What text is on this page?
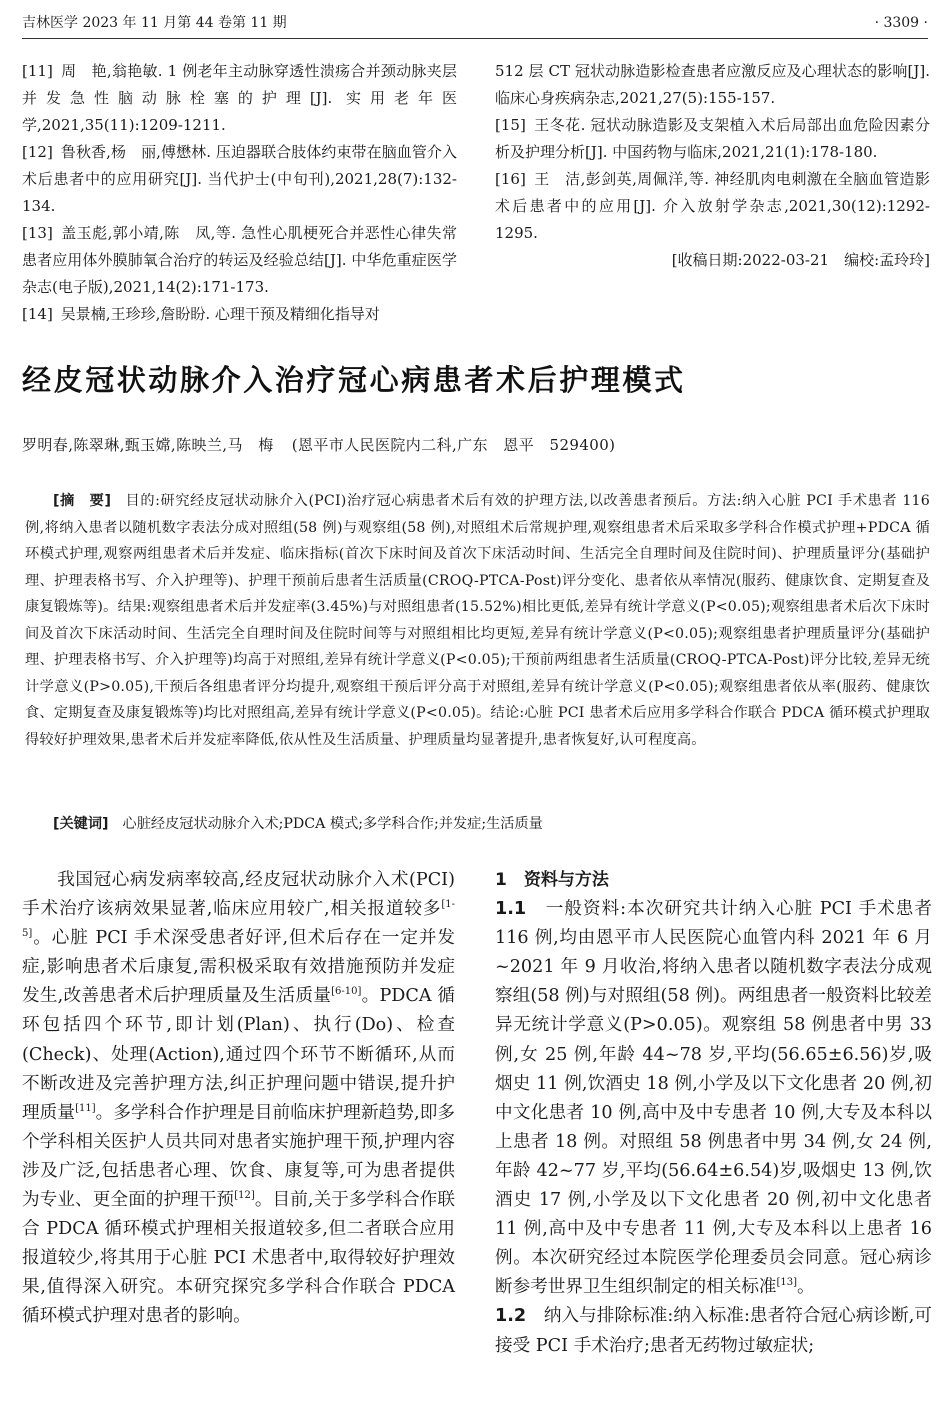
吉林医学 2023 年 11 月第 44 卷第 11 期	· 3309 ·
[11] 周　艳,翁艳敏. 1 例老年主动脉穿透性溃疡合并颈动脉夹层并发急性脑动脉栓塞的护理[J]. 实用老年医学,2021,35(11):1209-1211.
[12] 鲁秋香,杨　丽,傅懋林. 压迫器联合肢体约束带在脑血管介入术后患者中的应用研究[J]. 当代护士(中旬刊),2021,28(7):132-134.
[13] 盖玉彪,郭小靖,陈　凤,等. 急性心肌梗死合并恶性心律失常患者应用体外膜肺氧合治疗的转运及经验总结[J]. 中华危重症医学杂志(电子版),2021,14(2):171-173.
[14] 吴景楠,王珍珍,詹盼盼. 心理干预及精细化指导对
512 层 CT 冠状动脉造影检查患者应激反应及心理状态的影响[J]. 临床心身疾病杂志,2021,27(5):155-157.
[15] 王冬花. 冠状动脉造影及支架植入术后局部出血危险因素分析及护理分析[J]. 中国药物与临床,2021,21(1):178-180.
[16] 王　洁,彭剑英,周佩洋,等. 神经肌肉电刺激在全脑血管造影术后患者中的应用[J]. 介入放射学杂志,2021,30(12):1292-1295.
[收稿日期:2022-03-21　编校:孟玲玲]
经皮冠状动脉介入治疗冠心病患者术后护理模式
罗明春,陈翠琳,甄玉嫦,陈映兰,马　梅 (恩平市人民医院内二科,广东　恩平　529400)
[摘　要] 目的:研究经皮冠状动脉介入(PCI)治疗冠心病患者术后有效的护理方法,以改善患者预后。方法:纳入心脏 PCI 手术患者 116 例,将纳入患者以随机数字表法分成对照组(58 例)与观察组(58 例),对照组术后常规护理,观察组患者术后采取多学科合作模式护理+PDCA 循环模式护理,观察两组患者术后并发症、临床指标(首次下床时间及首次下床活动时间、生活完全自理时间及住院时间)、护理质量评分(基础护理、护理表格书写、介入护理等)、护理干预前后患者生活质量(CROQ-PTCA-Post)评分变化、患者依从率情况(服药、健康饮食、定期复查及康复锻炼等)。结果:观察组患者术后并发症率(3.45%)与对照组患者(15.52%)相比更低,差异有统计学意义(P<0.05);观察组患者术后次下床时间及首次下床活动时间、生活完全自理时间及住院时间等与对照组相比均更短,差异有统计学意义(P<0.05);观察组患者护理质量评分(基础护理、护理表格书写、介入护理等)均高于对照组,差异有统计学意义(P<0.05);干预前两组患者生活质量(CROQ-PTCA-Post)评分比较,差异无统计学意义(P>0.05),干预后各组患者评分均提升,观察组干预后评分高于对照组,差异有统计学意义(P<0.05);观察组患者依从率(服药、健康饮食、定期复查及康复锻炼等)均比对照组高,差异有统计学意义(P<0.05)。结论:心脏 PCI 患者术后应用多学科合作联合 PDCA 循环模式护理取得较好护理效果,患者术后并发症率降低,依从性及生活质量、护理质量均显著提升,患者恢复好,认可程度高。
[关键词] 心脏经皮冠状动脉介入术;PDCA 模式;多学科合作;并发症;生活质量

我国冠心病发病率较高,经皮冠状动脉介入术(PCI)手术治疗该病效果显著,临床应用较广,相关报道较多[1-5]。心脏 PCI 手术深受患者好评,但术后存在一定并发症,影响患者术后康复,需积极采取有效措施预防并发症发生,改善患者术后护理质量及生活质量[6-10]。PDCA 循环包括四个环节,即计划(Plan)、执行(Do)、检查(Check)、处理(Action),通过四个环节不断循环,从而不断改进及完善护理方法,纠正护理问题中错误,提升护理质量[11]。多学科合作护理是目前临床护理新趋势,即多个学科相关医护人员共同对患者实施护理干预,护理内容涉及广泛,包括患者心理、饮食、康复等,可为患者提供为专业、更全面的护理干预[12]。目前,关于多学科合作联合 PDCA 循环模式护理相关报道较多,但二者联合应用报道较少,将其用于心脏 PCI 术患者中,取得较好护理效果,值得深入研究。本研究探究多学科合作联合 PDCA 循环模式护理对患者的影响。

1　资料与方法

1.1　 一般资料:本次研究共计纳入心脏 PCI 手术患者 116 例,均由恩平市人民医院心血管内科 2021 年 6 月~2021 年 9 月收治,将纳入患者以随机数字表法分成观察组(58 例)与对照组(58 例)。两组患者一般资料比较差异无统计学意义(P>0.05)。观察组 58 例患者中男 33 例,女 25 例,年龄 44~78 岁,平均(56.65±6.56)岁,吸烟史 11 例,饮酒史 18 例,小学及以下文化患者 20 例,初中文化患者 10 例,高中及中专患者 10 例,大专及本科以上患者 18 例。对照组 58 例患者中男 34 例,女 24 例,年龄 42~77 岁,平均(56.64±6.54)岁,吸烟史 13 例,饮酒史 17 例,小学及以下文化患者 20 例,初中文化患者 11 例,高中及中专患者 11 例,大专及本科以上患者 16 例。本次研究经过本院医学伦理委员会同意。冠心病诊断参考世界卫生组织制定的相关标准[13]。

1.2　 纳入与排除标准:纳入标准:患者符合冠心病诊断,可接受 PCI 手术治疗;患者无药物过敏症状;
